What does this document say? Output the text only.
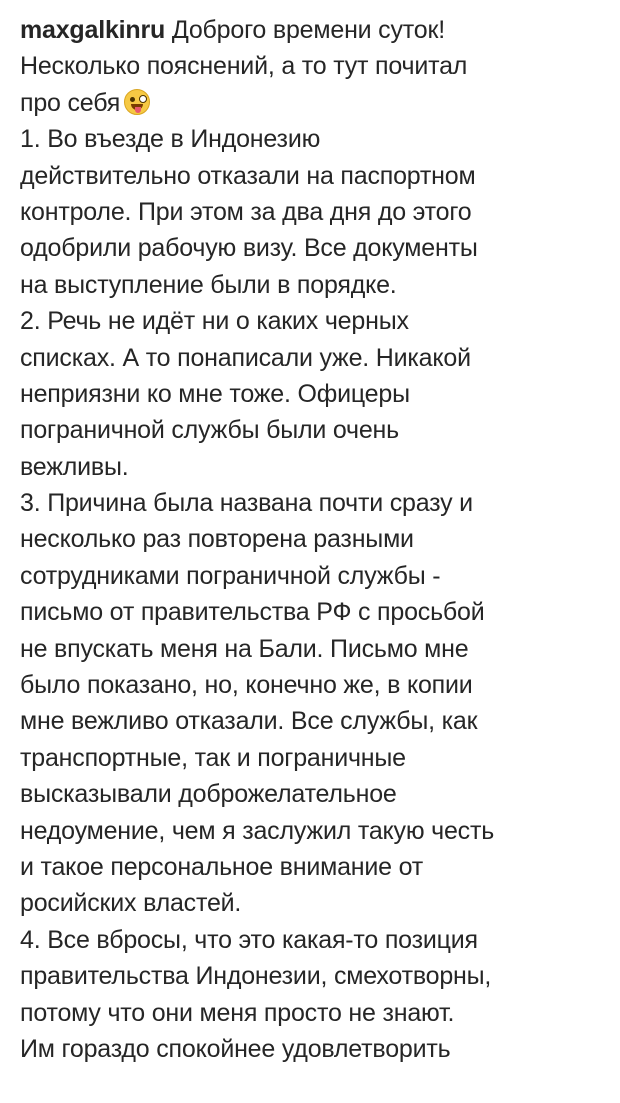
maxgalkinru Доброго времени суток!
Несколько пояснений, а то тут почитал
про себя
1. Во въезде в Индонезию
действительно отказали на паспортном
контроле. При этом за два дня до этого
одобрили рабочую визу. Все документы
на выступление были в порядке.
2. Речь не идёт ни о каких черных
списках. А то понаписали уже. Никакой
неприязни ко мне тоже. Офицеры
пограничной службы были очень
вежливы.
3. Причина была названа почти сразу и
несколько раз повторена разными
сотрудниками пограничной службы -
письмо от правительства РФ с просьбой
не впускать меня на Бали. Письмо мне
было показано, но, конечно же, в копии
мне вежливо отказали. Все службы, как
транспортные, так и пограничные
высказывали доброжелательное
недоумение, чем я заслужил такую честь
и такое персональное внимание от
росийских властей.
4. Все вбросы, что это какая-то позиция
правительства Индонезии, смехотворны,
потому что они меня просто не знают.
Им гораздо спокойнее удовлетворить
